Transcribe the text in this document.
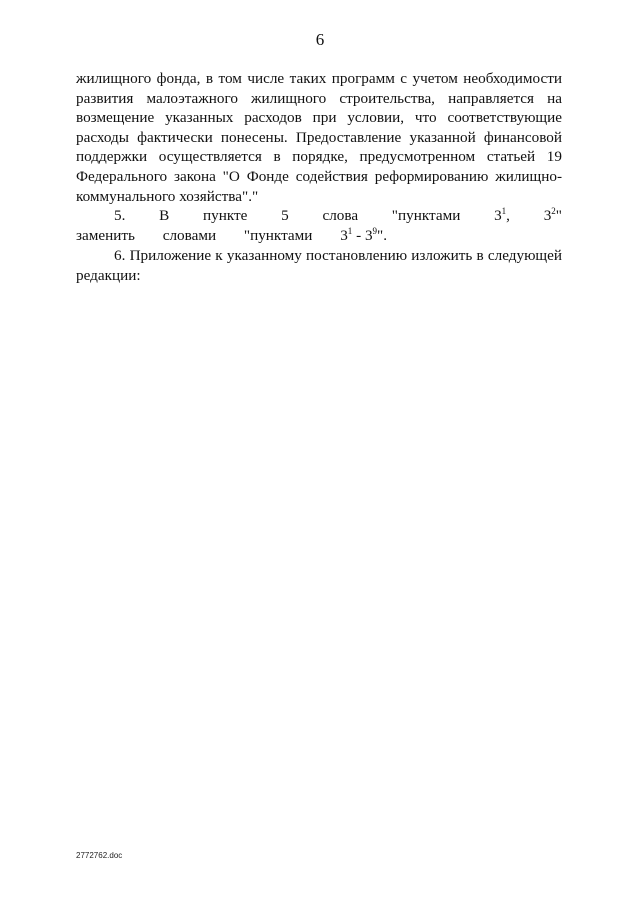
6

жилищного фонда, в том числе таких программ с учетом необходимости развития малоэтажного жилищного строительства, направляется на возмещение указанных расходов при условии, что соответствующие расходы фактически понесены. Предоставление указанной финансовой поддержки осуществляется в порядке, предусмотренном статьей 19 Федерального закона "О Фонде содействия реформированию жилищно-коммунального хозяйства"."

5. В пункте 5 слова "пунктами $3^1$, $3^2$" заменить словами "пунктами $3^1 - 3^9$".

6. Приложение к указанному постановлению изложить в следующей редакции:

2772762.doc
